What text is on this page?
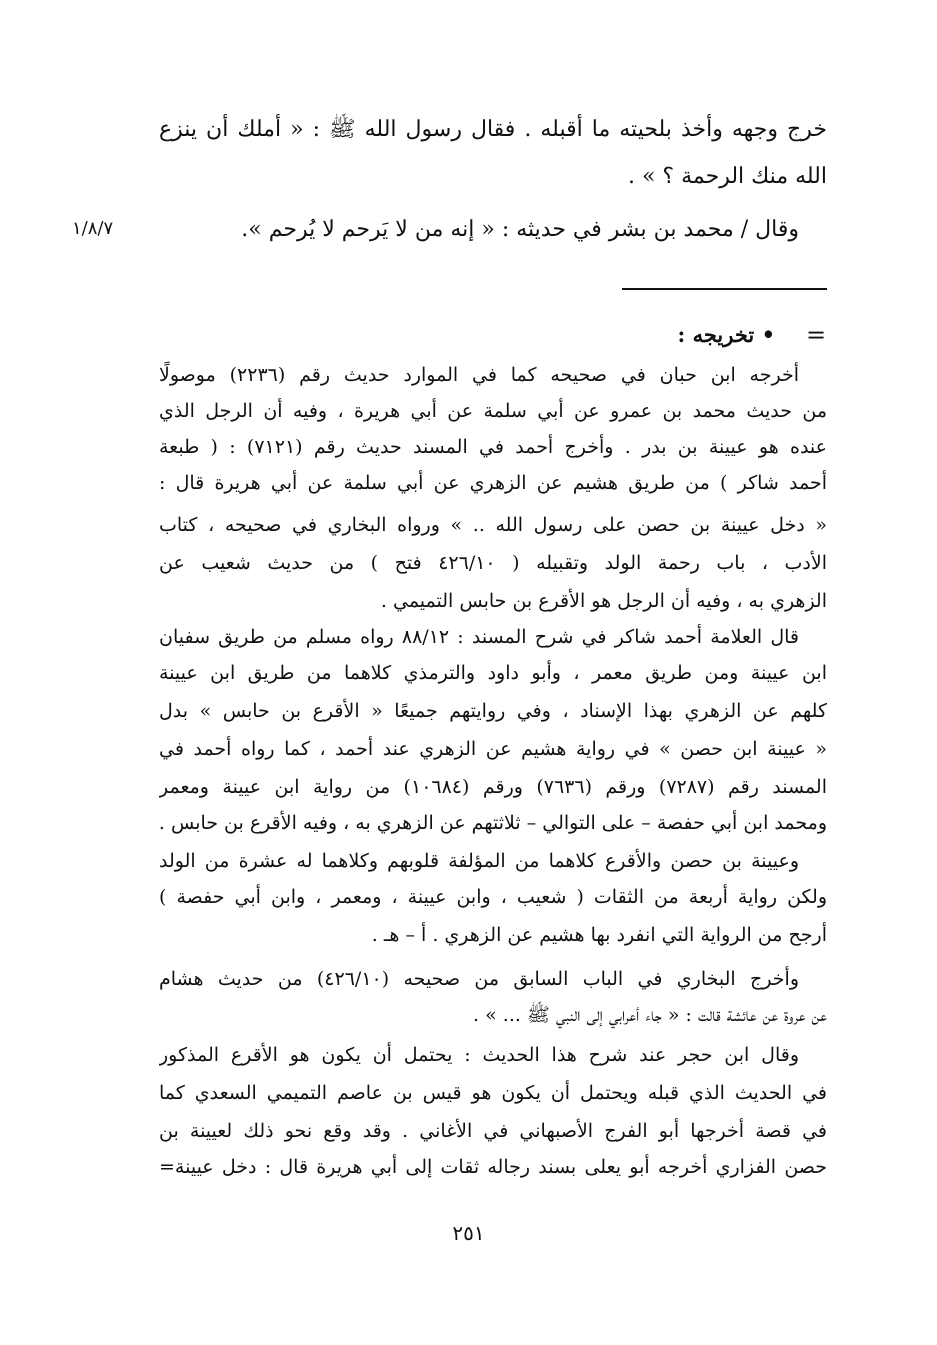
خرج وجهه وأخذ بلحيته ما أقبله . فقال رسول الله ﷺ : « أملك أن ينزع
الله منك الرحمة ؟ » .
وقال / محمد بن بشر في حديثه : « إنه من لا يَرحم لا يُرحم ».
١/٨/٧
=
• تخريجه :
أخرجه ابن حبان في صحيحه كما في الموارد حديث رقم (٢٢٣٦) موصولًا
من حديث محمد بن عمرو عن أبي سلمة عن أبي هريرة ، وفيه أن الرجل الذي
عنده هو عيينة بن بدر . وأخرج أحمد في المسند حديث رقم (٧١٢١) : ( طبعة
أحمد شاكر ) من طريق هشيم عن الزهري عن أبي سلمة عن أبي هريرة قال :
« دخل عيينة بن حصن على رسول الله .. » ورواه البخاري في صحيحه ، كتاب
الأدب ، باب رحمة الولد وتقبيله ( ٤٢٦/١٠ فتح ) من حديث شعيب عن
الزهري به ، وفيه أن الرجل هو الأقرع بن حابس التميمي .
قال العلامة أحمد شاكر في شرح المسند : ٨٨/١٢ رواه مسلم من طريق سفيان
ابن عيينة ومن طريق معمر ، وأبو داود والترمذي كلاهما من طريق ابن عيينة
كلهم عن الزهري بهذا الإسناد ، وفي روايتهم جميعًا « الأقرع بن حابس » بدل
« عيينة ابن حصن » في رواية هشيم عن الزهري عند أحمد ، كما رواه أحمد في
المسند رقم (٧٢٨٧) ورقم (٧٦٣٦) ورقم (١٠٦٨٤) من رواية ابن عيينة ومعمر
ومحمد ابن أبي حفصة – على التوالي – ثلاثتهم عن الزهري به ، وفيه الأقرع بن حابس .
وعيينة بن حصن والأقرع كلاهما من المؤلفة قلوبهم وكلاهما له عشرة من الولد
ولكن رواية أربعة من الثقات ( شعيب ، وابن عيينة ، ومعمر ، وابن أبي حفصة )
أرجح من الرواية التي انفرد بها هشيم عن الزهري . أ – هـ .
وأخرج البخاري في الباب السابق من صحيحه (٤٢٦/١٠) من حديث هشام
عن عروة عن عائشة قالت : « جاء أعرابي إلى النبي ﷺ ... » .
وقال ابن حجر عند شرح هذا الحديث : يحتمل أن يكون هو الأقرع المذكور
في الحديث الذي قبله ويحتمل أن يكون هو قيس بن عاصم التميمي السعدي كما
في قصة أخرجها أبو الفرج الأصبهاني في الأغاني . وقد وقع نحو ذلك لعيينة بن
حصن الفزاري أخرجه أبو يعلى بسند رجاله ثقات إلى أبي هريرة قال : دخل عيينة=
٢٥١
